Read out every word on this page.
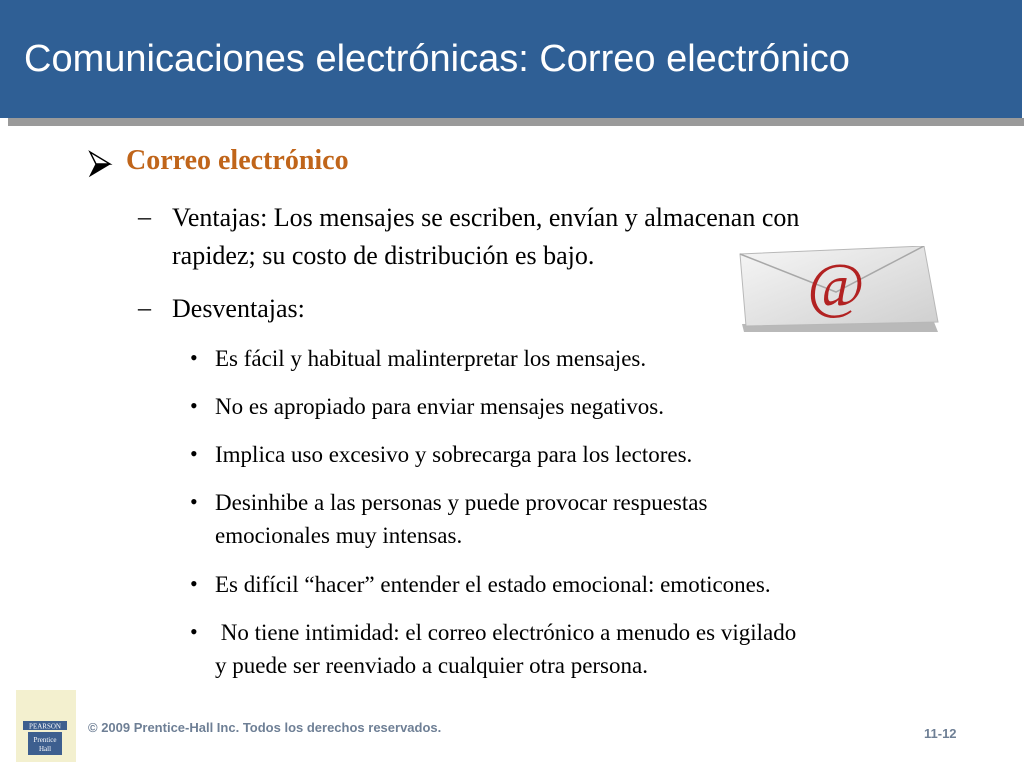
Comunicaciones electrónicas: Correo electrónico
Correo electrónico
– Ventajas: Los mensajes se escriben, envían y almacenan con
rapidez; su costo de distribución es bajo.	@
– Desventajas:
• Es fácil y habitual malinterpretar los mensajes.
• No es apropiado para enviar mensajes negativos.
• Implica uso excesivo y sobrecarga para los lectores.
• Desinhibe a las personas y puede provocar respuestas
emocionales muy intensas.
• Es difícil “hacer” entender el estado emocional: emoticones.
• No tiene intimidad: el correo electrónico a menudo es vigilado
y puede ser reenviado a cualquier otra persona.
PEARSON
Prentice
Hall
© 2009 Prentice-Hall Inc. Todos los derechos reservados.	11-12
